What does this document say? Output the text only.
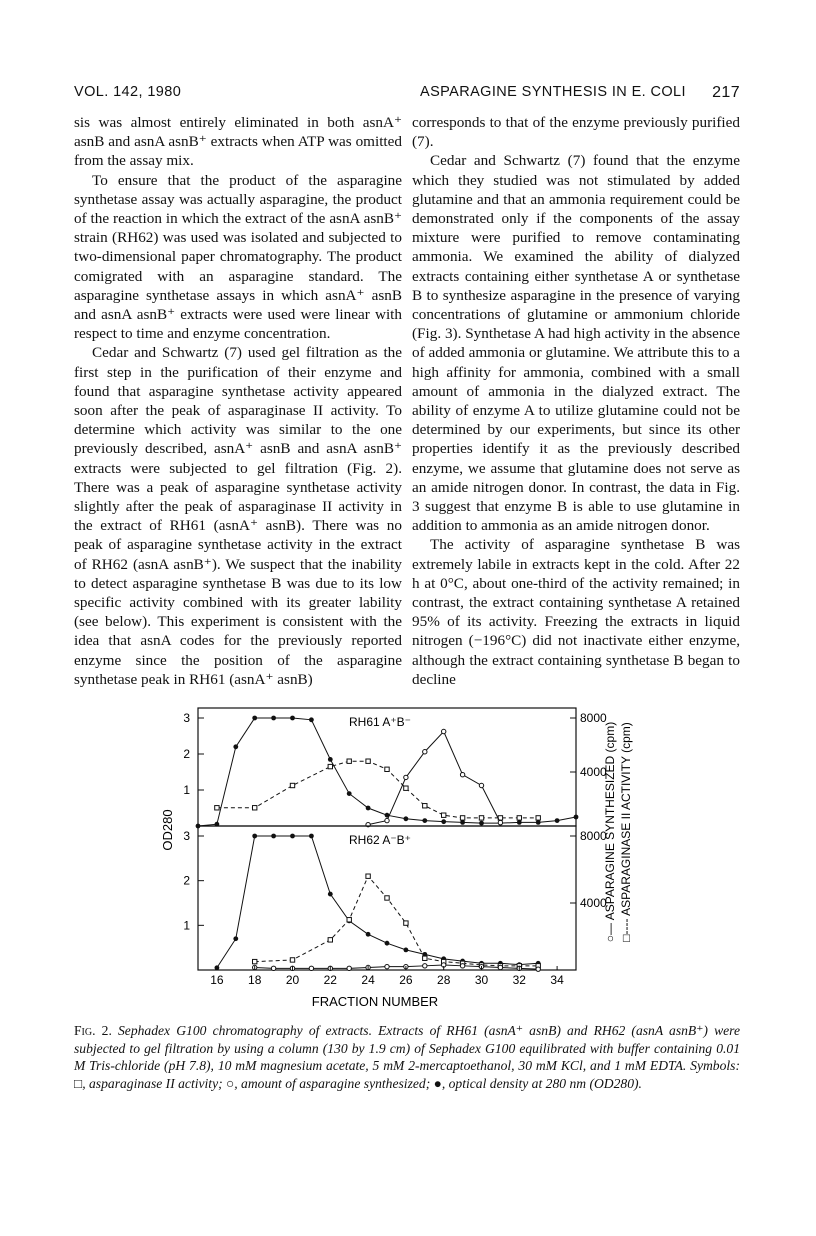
VOL. 142, 1980	ASPARAGINE SYNTHESIS IN E. COLI 217

sis was almost entirely eliminated in both asnA⁺ asnB and asnA asnB⁺ extracts when ATP was omitted from the assay mix.

To ensure that the product of the asparagine synthetase assay was actually asparagine, the product of the reaction in which the extract of the asnA asnB⁺ strain (RH62) was used was isolated and subjected to two-dimensional paper chromatography. The product comigrated with an asparagine standard. The asparagine synthetase assays in which asnA⁺ asnB and asnA asnB⁺ extracts were used were linear with respect to time and enzyme concentration.

Cedar and Schwartz (7) used gel filtration as the first step in the purification of their enzyme and found that asparagine synthetase activity appeared soon after the peak of asparaginase II activity. To determine which activity was similar to the one previously described, asnA⁺ asnB and asnA asnB⁺ extracts were subjected to gel filtration (Fig. 2). There was a peak of asparagine synthetase activity slightly after the peak of asparaginase II activity in the extract of RH61 (asnA⁺ asnB). There was no peak of asparagine synthetase activity in the extract of RH62 (asnA asnB⁺). We suspect that the inability to detect asparagine synthetase B was due to its low specific activity combined with its greater lability (see below). This experiment is consistent with the idea that asnA codes for the previously reported enzyme since the position of the asparagine synthetase peak in RH61 (asnA⁺ asnB)

corresponds to that of the enzyme previously purified (7).

Cedar and Schwartz (7) found that the enzyme which they studied was not stimulated by added glutamine and that an ammonia requirement could be demonstrated only if the components of the assay mixture were purified to remove contaminating ammonia. We examined the ability of dialyzed extracts containing either synthetase A or synthetase B to synthesize asparagine in the presence of varying concentrations of glutamine or ammonium chloride (Fig. 3). Synthetase A had high activity in the absence of added ammonia or glutamine. We attribute this to a high affinity for ammonia, combined with a small amount of ammonia in the dialyzed extract. The ability of enzyme A to utilize glutamine could not be determined by our experiments, but since its other properties identify it as the previously described enzyme, we assume that glutamine does not serve as an amide nitrogen donor. In contrast, the data in Fig. 3 suggest that enzyme B is able to use glutamine in addition to ammonia as an amide nitrogen donor.

The activity of asparagine synthetase B was extremely labile in extracts kept in the cold. After 22 h at 0°C, about one-third of the activity remained; in contrast, the extract containing synthetase A retained 95% of its activity. Freezing the extracts in liquid nitrogen (−196°C) did not inactivate either enzyme, although the extract containing synthetase B began to decline

1
2
3
4000
8000
RH61 A⁺B⁻
1
2
3
4000
8000
RH62 A⁻B⁺
16 18 20 22 24 26 28 30 32 34
FRACTION NUMBER
OD280	○— ASPARAGINE SYNTHESIZED (cpm) □---- ASPARAGINASE II ACTIVITY (cpm)
Fig. 2. Sephadex G100 chromatography of extracts. Extracts of RH61 (asnA⁺ asnB) and RH62 (asnA asnB⁺) were subjected to gel filtration by using a column (130 by 1.9 cm) of Sephadex G100 equilibrated with buffer containing 0.01 M Tris-chloride (pH 7.8), 10 mM magnesium acetate, 5 mM 2-mercaptoethanol, 30 mM KCl, and 1 mM EDTA. Symbols: □, asparaginase II activity; ○, amount of asparagine synthesized; ●, optical density at 280 nm (OD280).
